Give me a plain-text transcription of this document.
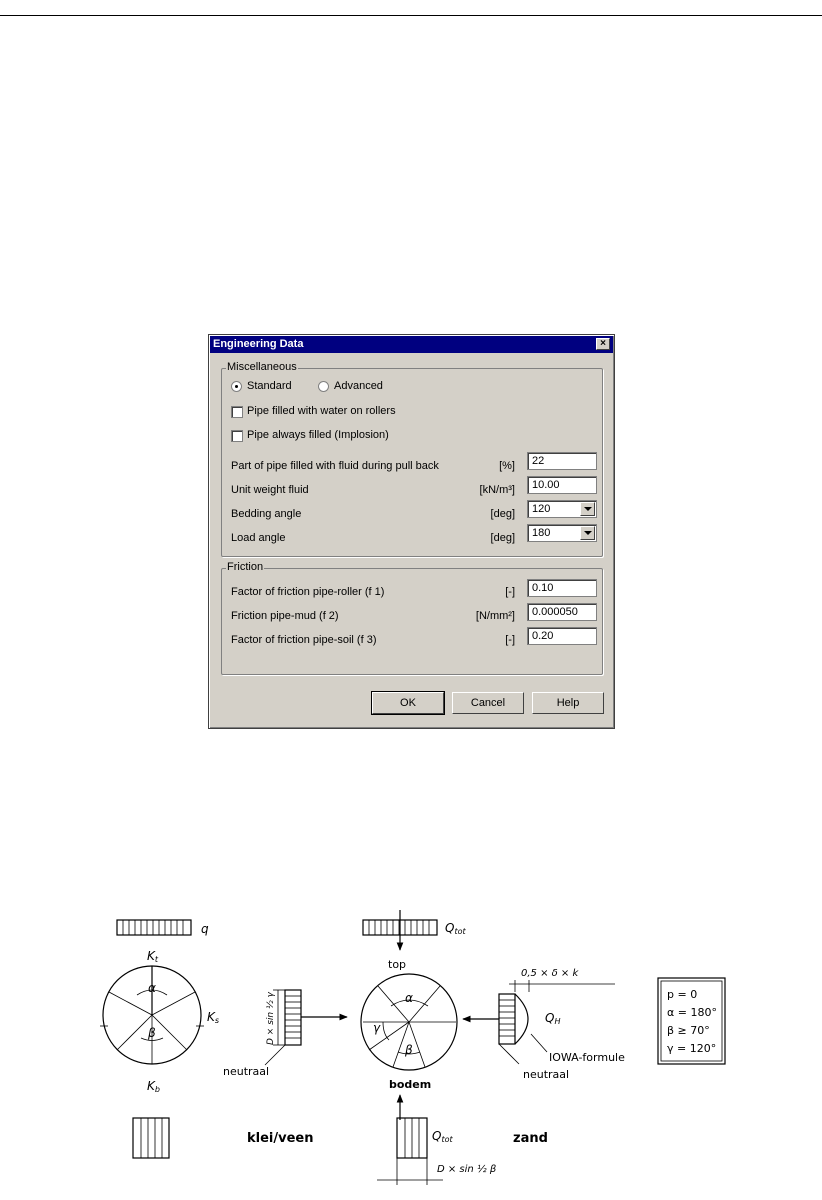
Engineering Data	×
Miscellaneous
Standard	Advanced
Pipe filled with water on rollers
Pipe always filled (Implosion)
Part of pipe filled with fluid during pull back	[%]	22
Unit weight fluid	[kN/m³]	10.00
Bedding angle	[deg]	120
Load angle	[deg]	180
Friction
Factor of friction pipe-roller (f 1)	[-]	0.10
Friction pipe-mud (f 2)	[N/mm²]	0.000050
Factor of friction pipe-soil (f 3)	[-]	0.20
OK	Cancel	Help
q
Kt
Ks
Kb
α
β	D × sin ½ γ
neutraal
Qtot
top
α
γ
β
bodem
0,5 × δ × k
QH
IOWA-formule
neutraal
p = 0
α = 180°
β ≥ 70°
γ = 120°
klei/veen	Qtot
D × sin ½ β
zand
